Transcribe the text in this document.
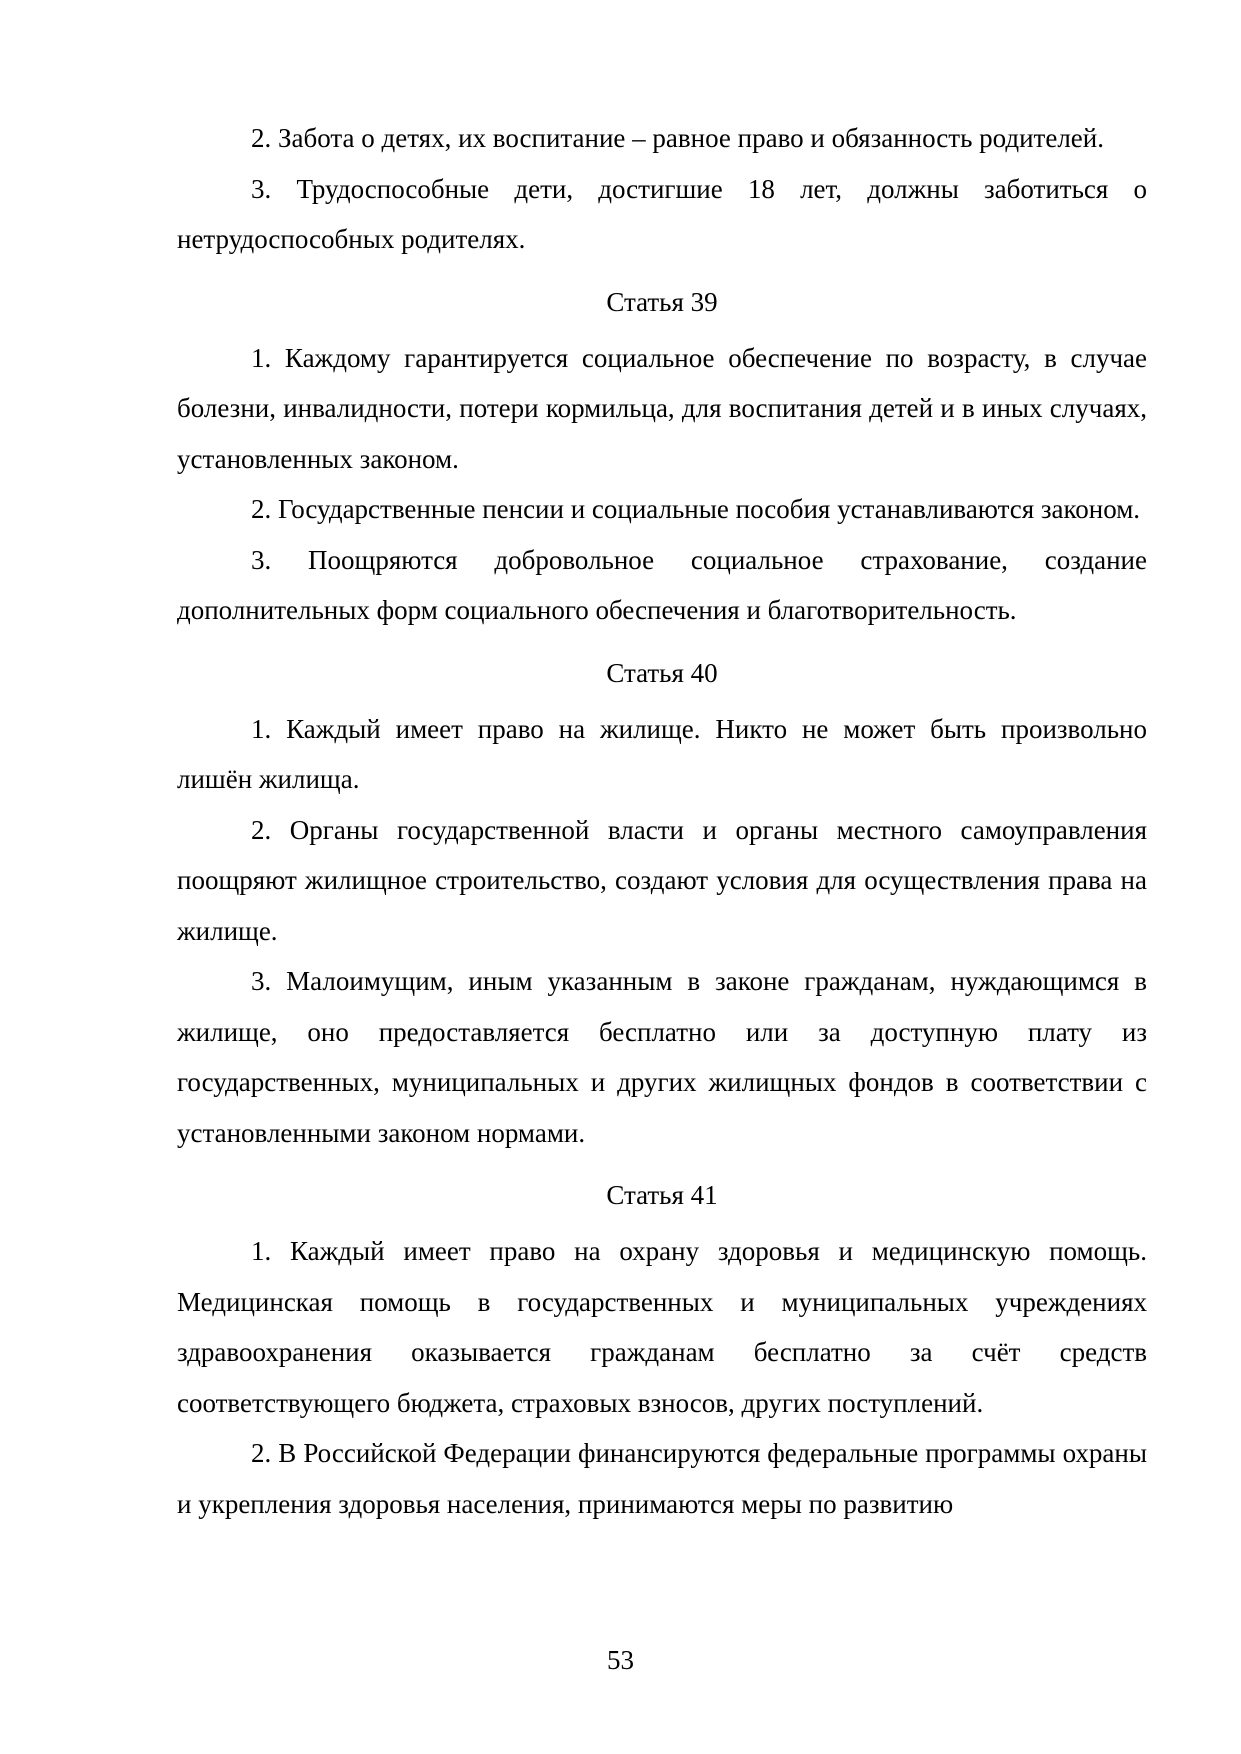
2. Забота о детях, их воспитание – равное право и обязанность родителей.

3. Трудоспособные дети, достигшие 18 лет, должны заботиться о нетрудоспособных родителях.

Статья 39

1. Каждому гарантируется социальное обеспечение по возрасту, в случае болезни, инвалидности, потери кормильца, для воспитания детей и в иных случаях, установленных законом.

2. Государственные пенсии и социальные пособия устанавливаются законом.

3. Поощряются добровольное социальное страхование, создание дополнительных форм социального обеспечения и благотворительность.

Статья 40

1. Каждый имеет право на жилище. Никто не может быть произвольно лишён жилища.

2. Органы государственной власти и органы местного самоуправления поощряют жилищное строительство, создают условия для осуществления права на жилище.

3. Малоимущим, иным указанным в законе гражданам, нуждающимся в жилище, оно предоставляется бесплатно или за доступную плату из государственных, муниципальных и других жилищных фондов в соответствии с установленными законом нормами.

Статья 41

1. Каждый имеет право на охрану здоровья и медицинскую помощь. Медицинская помощь в государственных и муниципальных учреждениях здравоохранения оказывается гражданам бесплатно за счёт средств соответствующего бюджета, страховых взносов, других поступлений.

2. В Российской Федерации финансируются федеральные программы охраны и укрепления здоровья населения, принимаются меры по развитию

53
